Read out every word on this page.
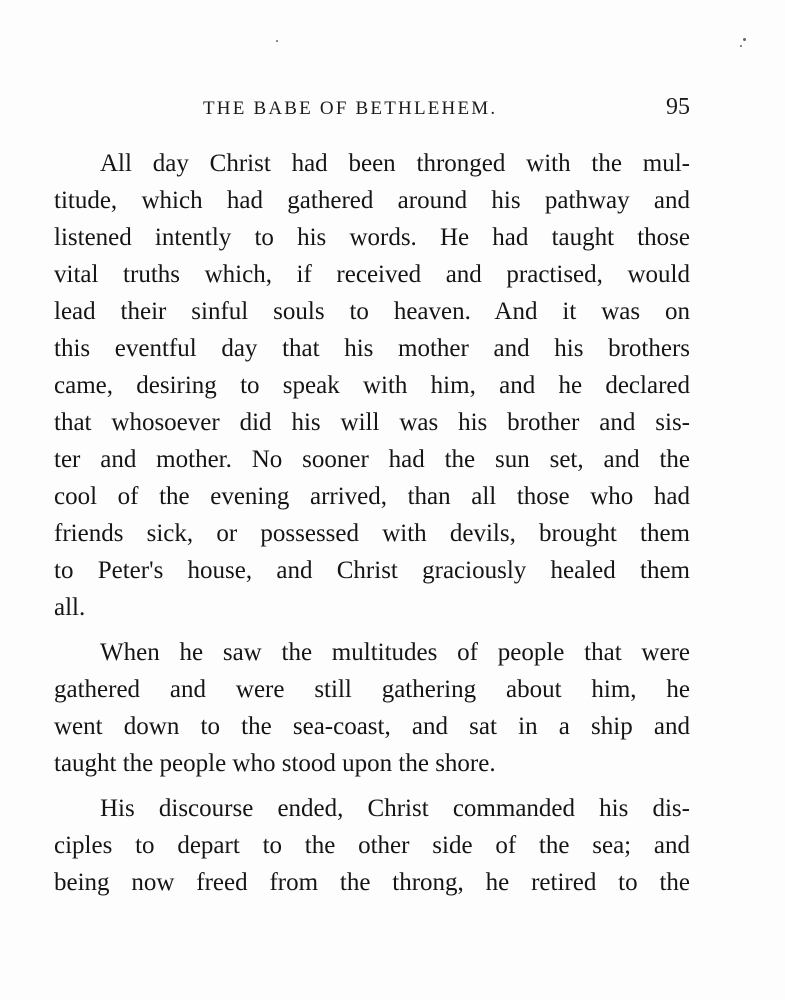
THE BABE OF BETHLEHEM.	95

All day Christ had been thronged with the mul-
titude, which had gathered around his pathway and
listened intently to his words. He had taught those
vital truths which, if received and practised, would
lead their sinful souls to heaven. And it was on
this eventful day that his mother and his brothers
came, desiring to speak with him, and he declared
that whosoever did his will was his brother and sis-
ter and mother. No sooner had the sun set, and the
cool of the evening arrived, than all those who had
friends sick, or possessed with devils, brought them
to Peter's house, and Christ graciously healed them
all.

When he saw the multitudes of people that were
gathered and were still gathering about him, he
went down to the sea-coast, and sat in a ship and
taught the people who stood upon the shore.

His discourse ended, Christ commanded his dis-
ciples to depart to the other side of the sea; and
being now freed from the throng, he retired to the
